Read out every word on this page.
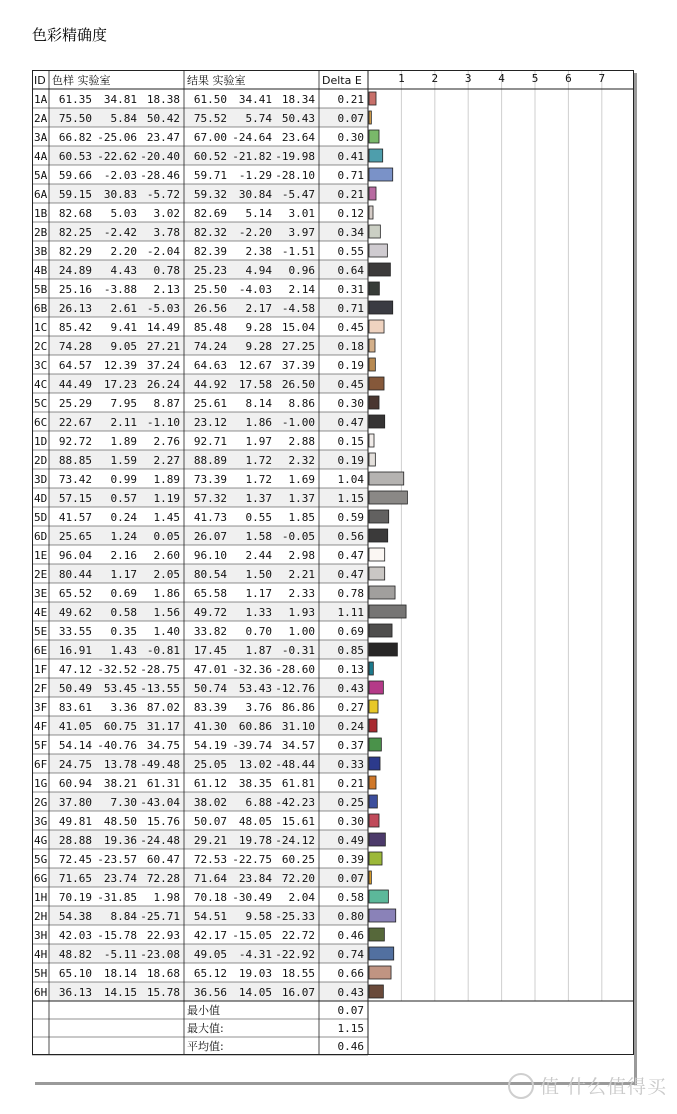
色彩精确度
ID 色样 实验室	结果 实验室	Delta E	1 2 3 4 5 6 7
1A 61.35 34.81 18.38 61.50 34.41 18.34 0.21
2A 75.50 5.84 50.42 75.52 5.74 50.43 0.07
3A 66.82 -25.06 23.47 67.00 -24.64 23.64 0.30
4A 60.53 -22.62 -20.40 60.52 -21.82 -19.98 0.41
5A 59.66 -2.03 -28.46 59.71 -1.29 -28.10 0.71
6A 59.15 30.83 -5.72 59.32 30.84 -5.47 0.21
1B 82.68 5.03 3.02 82.69 5.14 3.01 0.12
2B 82.25 -2.42 3.78 82.32 -2.20 3.97 0.34
3B 82.29 2.20 -2.04 82.39 2.38 -1.51 0.55
4B 24.89 4.43 0.78 25.23 4.94 0.96 0.64
5B 25.16 -3.88 2.13 25.50 -4.03 2.14 0.31
6B 26.13 2.61 -5.03 26.56 2.17 -4.58 0.71
1C 85.42 9.41 14.49 85.48 9.28 15.04 0.45
2C 74.28 9.05 27.21 74.24 9.28 27.25 0.18
3C 64.57 12.39 37.24 64.63 12.67 37.39 0.19
4C 44.49 17.23 26.24 44.92 17.58 26.50 0.45
5C 25.29 7.95 8.87 25.61 8.14 8.86 0.30
6C 22.67 2.11 -1.10 23.12 1.86 -1.00 0.47
1D 92.72 1.89 2.76 92.71 1.97 2.88 0.15
2D 88.85 1.59 2.27 88.89 1.72 2.32 0.19
3D 73.42 0.99 1.89 73.39 1.72 1.69 1.04
4D 57.15 0.57 1.19 57.32 1.37 1.37 1.15
5D 41.57 0.24 1.45 41.73 0.55 1.85 0.59
6D 25.65 1.24 0.05 26.07 1.58 -0.05 0.56
1E 96.04 2.16 2.60 96.10 2.44 2.98 0.47
2E 80.44 1.17 2.05 80.54 1.50 2.21 0.47
3E 65.52 0.69 1.86 65.58 1.17 2.33 0.78
4E 49.62 0.58 1.56 49.72 1.33 1.93 1.11
5E 33.55 0.35 1.40 33.82 0.70 1.00 0.69
6E 16.91 1.43 -0.81 17.45 1.87 -0.31 0.85
1F 47.12 -32.52 -28.75 47.01 -32.36 -28.60 0.13
2F 50.49 53.45 -13.55 50.74 53.43 -12.76 0.43
3F 83.61 3.36 87.02 83.39 3.76 86.86 0.27
4F 41.05 60.75 31.17 41.30 60.86 31.10 0.24
5F 54.14 -40.76 34.75 54.19 -39.74 34.57 0.37
6F 24.75 13.78 -49.48 25.05 13.02 -48.44 0.33
1G 60.94 38.21 61.31 61.12 38.35 61.81 0.21
2G 37.80 7.30 -43.04 38.02 6.88 -42.23 0.25
3G 49.81 48.50 15.76 50.07 48.05 15.61 0.30
4G 28.88 19.36 -24.48 29.21 19.78 -24.12 0.49
5G 72.45 -23.57 60.47 72.53 -22.75 60.25 0.39
6G 71.65 23.74 72.28 71.64 23.84 72.20 0.07
1H 70.19 -31.85 1.98 70.18 -30.49 2.04 0.58
2H 54.38 8.84 -25.71 54.51 9.58 -25.33 0.80
3H 42.03 -15.78 22.93 42.17 -15.05 22.72 0.46
4H 48.82 -5.11 -23.08 49.05 -4.31 -22.92 0.74
5H 65.10 18.14 18.68 65.12 19.03 18.55 0.66
6H 36.13 14.15 15.78 36.56 14.05 16.07 0.43
最小值	0.07
最大值:	1.15
平均值:	0.46
值 什么值得买
